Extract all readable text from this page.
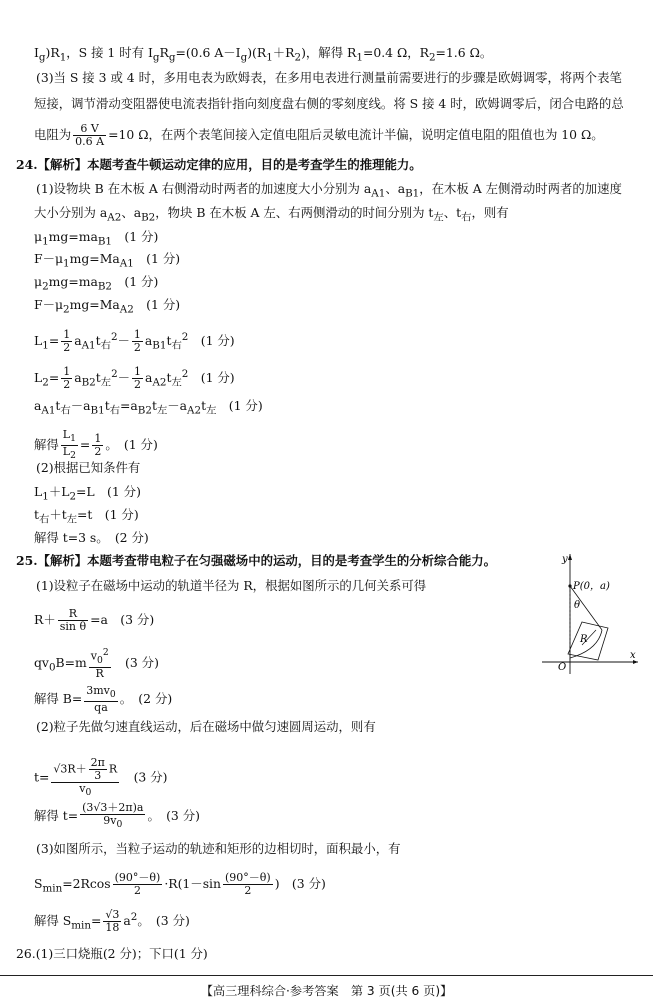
$I_g)R_1$，S 接 1 时有 $I_gR_g=(0.6$ $A-I_g)(R_1+R_2)$，解得 $R_1=0.4$ Ω，$R_2=1.6$ Ω。
(3)当 S 接 3 或 4 时，多用电表为欧姆表，在多用电表进行测量前需要进行的步骤是欧姆调零，将两个表笔
短接，调节滑动变阻器使电流表指针指向刻度盘右侧的零刻度线。将 S 接 4 时，欧姆调零后，闭合电路的总
电阻为 $\frac{6 V}{0.6 A} =10$ Ω，在两个表笔间接入定值电阻后灵敏电流计半偏，说明定值电阻的阻值也为 10 Ω。
24.【解析】本题考查牛顿运动定律的应用，目的是考查学生的推理能力。
(1)设物块 B 在木板 A 右侧滑动时两者的加速度大小分别为 $a_{A1}$、$a_{B1}$，在木板 A 左侧滑动时两者的加速度
大小分别为 $a_{A2}$、$a_{B2}$，物块 B 在木板 A 左、右两侧滑动的时间分别为 $t_左$、$t_右$，则有
$\mu_1mg=ma_{B1}$　(1 分)
$F-\mu_1mg=Ma_{A1}$　(1 分)
$\mu_2mg=ma_{B2}$　(1 分)
$F-\mu_2mg=Ma_{A2}$　(1 分)
$L_1= \frac{1}{2} a_{A1}t_右^2- \frac{1}{2} a_{B1}t_右^2$　(1 分)
$L_2= \frac{1}{2} a_{B2}t_左^2- \frac{1}{2} a_{A2}t_左^2$　(1 分)
$a_{A1}t_右-a_{B1}t_右=a_{B2}t_左-a_{A2}t_左$　(1 分)
解得 $\frac{L_1}{L_2} = \frac{1}{2}$ 。　(1 分)
(2)根据已知条件有
$L_1+L_2=L$　(1 分)
$t_右+t_左=t$　(1 分)
解得 t=3 s。　(2 分)
25.【解析】本题考查带电粒子在匀强磁场中的运动，目的是考查学生的分析综合能力。
(1)设粒子在磁场中运动的轨道半径为 R，根据如图所示的几何关系可得
$R+ \frac{R}{\text{sin θ}} =a$　(3 分)
$qv_0B=m \frac{v_0^2}{R}$ 　(3 分)
解得 $B= \frac{3mv_0}{qa}$ 。　(2 分)
(2)粒子先做匀速直线运动，后在磁场中做匀速圆周运动，则有
$t= \frac{√3R+ \frac{2\pi}{3} R}{v_0}$ 　(3 分)
解得 $t= \frac{(3√3+2\pi)a}{9v_0}$ 。　(3 分)
(3)如图所示，当粒子运动的轨迹和矩形的边相切时，面积最小，有
$S_{min}=2Rcos \frac{(90^\circ-\theta)}{2} \cdot R(1-\sin \frac{(90^\circ-\theta)}{2}$ )　(3 分)
解得 $S_{min}= \frac{√3}{18} a^2$。　(3 分)
26.(1)三口烧瓶(2 分)；下口(1 分)
y
x
O
P(0，a)
θ
R
【高三理科综合·参考答案　第 3 页(共 6 页)】
